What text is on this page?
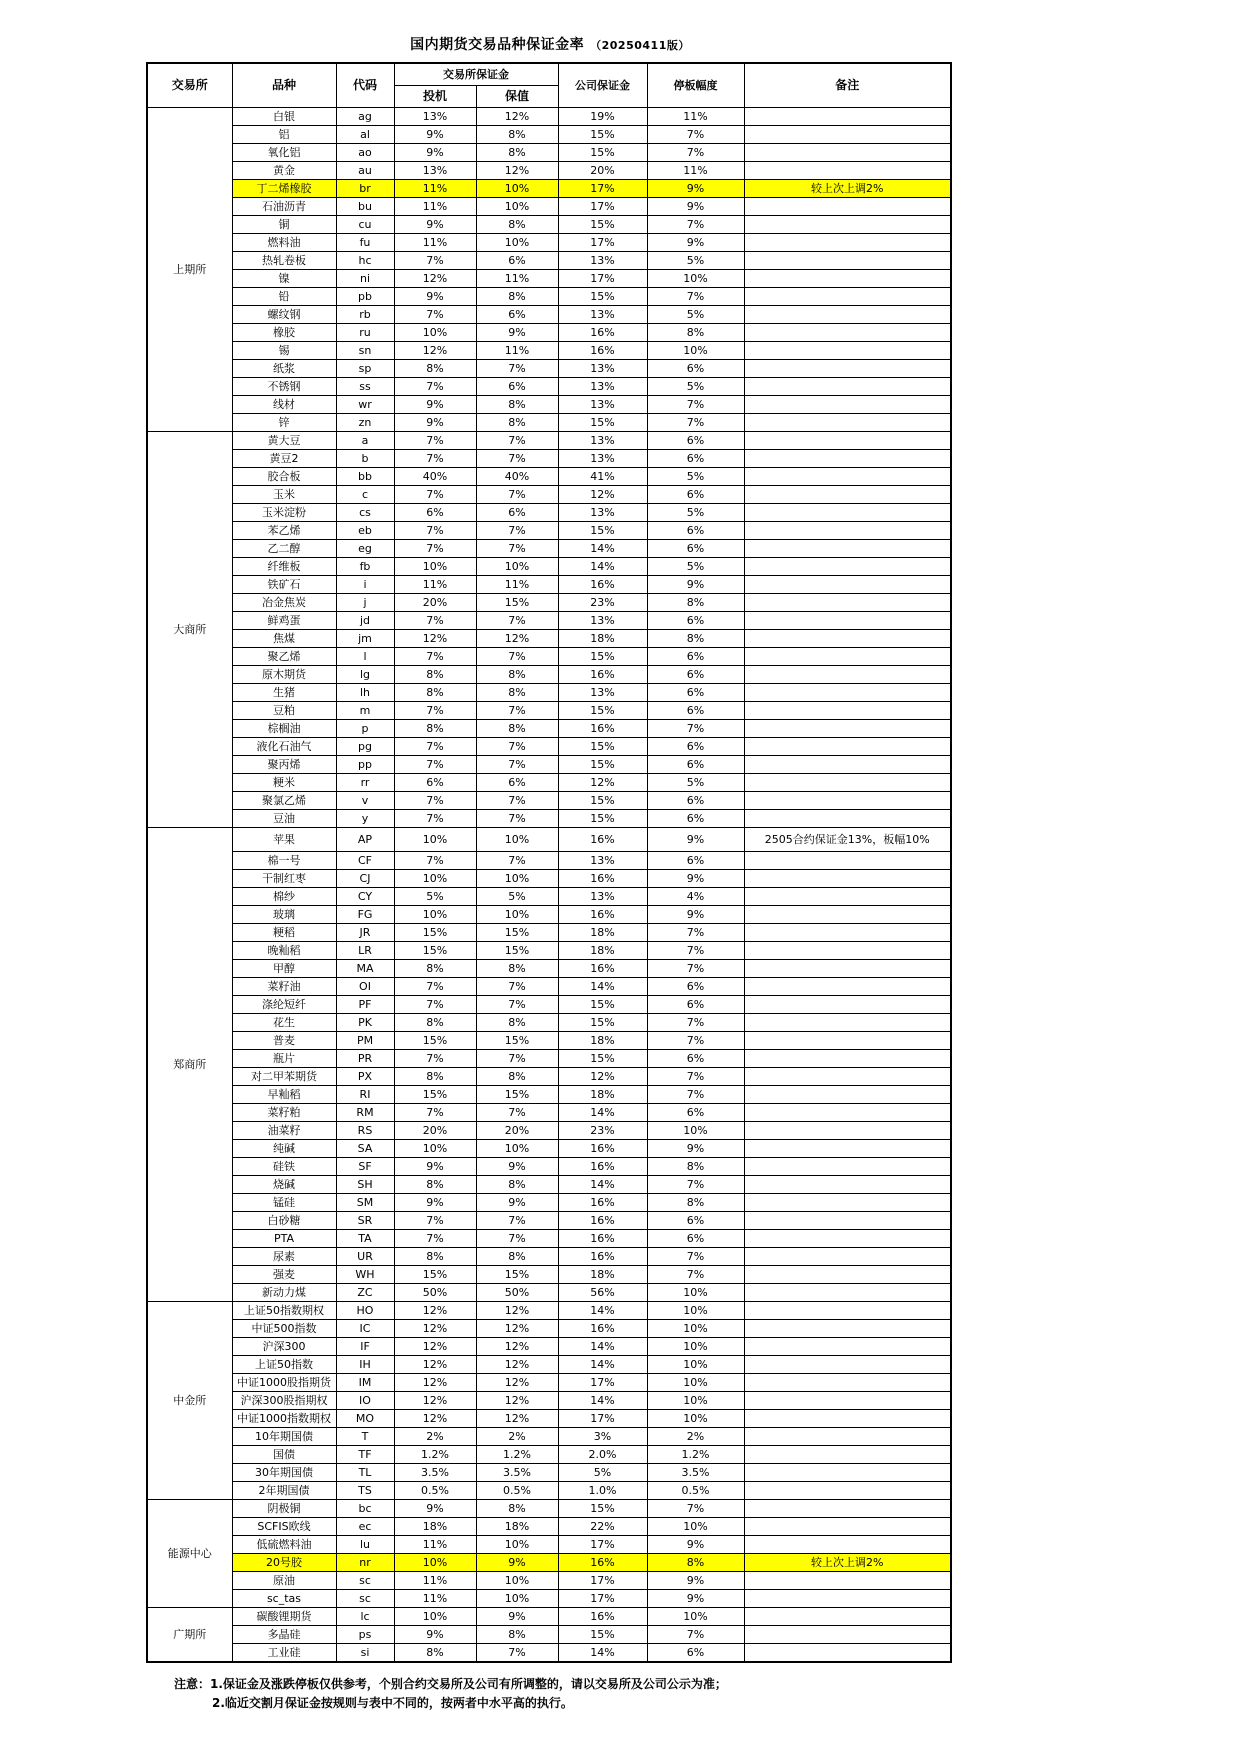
国内期货交易品种保证金率 （20250411版）
交易所	品种	代码	交易所保证金		公司保证金	停板幅度	备注
			投机	保值			
上期所	白银	ag	13%	12%	19%	11%	
	铝	al	9%	8%	15%	7%	
	氧化铝	ao	9%	8%	15%	7%	
	黄金	au	13%	12%	20%	11%	
	丁二烯橡胶	br	11%	10%	17%	9%	较上次上调2%
	石油沥青	bu	11%	10%	17%	9%	
	铜	cu	9%	8%	15%	7%	
	燃料油	fu	11%	10%	17%	9%	
	热轧卷板	hc	7%	6%	13%	5%	
	镍	ni	12%	11%	17%	10%	
	铅	pb	9%	8%	15%	7%	
	螺纹钢	rb	7%	6%	13%	5%	
	橡胶	ru	10%	9%	16%	8%	
	锡	sn	12%	11%	16%	10%	
	纸浆	sp	8%	7%	13%	6%	
	不锈钢	ss	7%	6%	13%	5%	
	线材	wr	9%	8%	13%	7%	
	锌	zn	9%	8%	15%	7%	
大商所	黄大豆	a	7%	7%	13%	6%	
	黄豆2	b	7%	7%	13%	6%	
	胶合板	bb	40%	40%	41%	5%	
	玉米	c	7%	7%	12%	6%	
	玉米淀粉	cs	6%	6%	13%	5%	
	苯乙烯	eb	7%	7%	15%	6%	
	乙二醇	eg	7%	7%	14%	6%	
	纤维板	fb	10%	10%	14%	5%	
	铁矿石	i	11%	11%	16%	9%	
	冶金焦炭	j	20%	15%	23%	8%	
	鲜鸡蛋	jd	7%	7%	13%	6%	
	焦煤	jm	12%	12%	18%	8%	
	聚乙烯	l	7%	7%	15%	6%	
	原木期货	lg	8%	8%	16%	6%	
	生猪	lh	8%	8%	13%	6%	
	豆粕	m	7%	7%	15%	6%	
	棕榈油	p	8%	8%	16%	7%	
	液化石油气	pg	7%	7%	15%	6%	
	聚丙烯	pp	7%	7%	15%	6%	
	粳米	rr	6%	6%	12%	5%	
	聚氯乙烯	v	7%	7%	15%	6%	
	豆油	y	7%	7%	15%	6%	
郑商所	苹果	AP	10%	10%	16%	9%	2505合约保证金13%，板幅10%
	棉一号	CF	7%	7%	13%	6%	
	干制红枣	CJ	10%	10%	16%	9%	
	棉纱	CY	5%	5%	13%	4%	
	玻璃	FG	10%	10%	16%	9%	
	粳稻	JR	15%	15%	18%	7%	
	晚籼稻	LR	15%	15%	18%	7%	
	甲醇	MA	8%	8%	16%	7%	
	菜籽油	OI	7%	7%	14%	6%	
	涤纶短纤	PF	7%	7%	15%	6%	
	花生	PK	8%	8%	15%	7%	
	普麦	PM	15%	15%	18%	7%	
	瓶片	PR	7%	7%	15%	6%	
	对二甲苯期货	PX	8%	8%	12%	7%	
	早籼稻	RI	15%	15%	18%	7%	
	菜籽粕	RM	7%	7%	14%	6%	
	油菜籽	RS	20%	20%	23%	10%	
	纯碱	SA	10%	10%	16%	9%	
	硅铁	SF	9%	9%	16%	8%	
	烧碱	SH	8%	8%	14%	7%	
	锰硅	SM	9%	9%	16%	8%	
	白砂糖	SR	7%	7%	16%	6%	
	PTA	TA	7%	7%	16%	6%	
	尿素	UR	8%	8%	16%	7%	
	强麦	WH	15%	15%	18%	7%	
	新动力煤	ZC	50%	50%	56%	10%	
中金所	上证50指数期权	HO	12%	12%	14%	10%	
	中证500指数	IC	12%	12%	16%	10%	
	沪深300	IF	12%	12%	14%	10%	
	上证50指数	IH	12%	12%	14%	10%	
	中证1000股指期货	IM	12%	12%	17%	10%	
	沪深300股指期权	IO	12%	12%	14%	10%	
	中证1000指数期权	MO	12%	12%	17%	10%	
	10年期国债	T	2%	2%	3%	2%	
	国债	TF	1.2%	1.2%	2.0%	1.2%	
	30年期国债	TL	3.5%	3.5%	5%	3.5%	
	2年期国债	TS	0.5%	0.5%	1.0%	0.5%	
能源中心	阴极铜	bc	9%	8%	15%	7%	
	SCFIS欧线	ec	18%	18%	22%	10%	
	低硫燃料油	lu	11%	10%	17%	9%	
	20号胶	nr	10%	9%	16%	8%	较上次上调2%
	原油	sc	11%	10%	17%	9%	
	sc_tas	sc	11%	10%	17%	9%	
广期所	碳酸锂期货	lc	10%	9%	16%	10%	
	多晶硅	ps	9%	8%	15%	7%	
	工业硅	si	8%	7%	14%	6%	
注意：1.保证金及涨跌停板仅供参考，个别合约交易所及公司有所调整的，请以交易所及公司公示为准；
2.临近交割月保证金按规则与表中不同的，按两者中水平高的执行。
